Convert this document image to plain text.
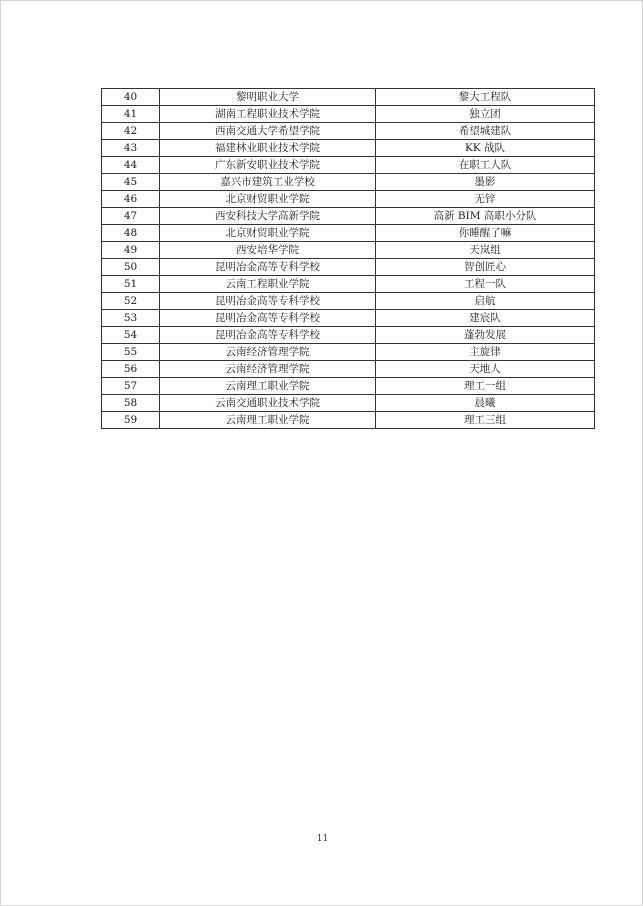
40	黎明职业大学	黎大工程队
41	湖南工程职业技术学院	独立团
42	西南交通大学希望学院	希望城建队
43	福建林业职业技术学院	KK 战队
44	广东新安职业技术学院	在职工人队
45	嘉兴市建筑工业学校	墨影
46	北京财贸职业学院	无锌
47	西安科技大学高新学院	高新 BIM 高职小分队
48	北京财贸职业学院	你睡醒了嘛
49	西安培华学院	天岚组
50	昆明冶金高等专科学校	智创匠心
51	云南工程职业学院	工程一队
52	昆明冶金高等专科学校	启航
53	昆明冶金高等专科学校	建宸队
54	昆明冶金高等专科学校	蓬勃发展
55	云南经济管理学院	主旋律
56	云南经济管理学院	天地人
57	云南理工职业学院	理工一组
58	云南交通职业技术学院	晨曦
59	云南理工职业学院	理工三组
11
